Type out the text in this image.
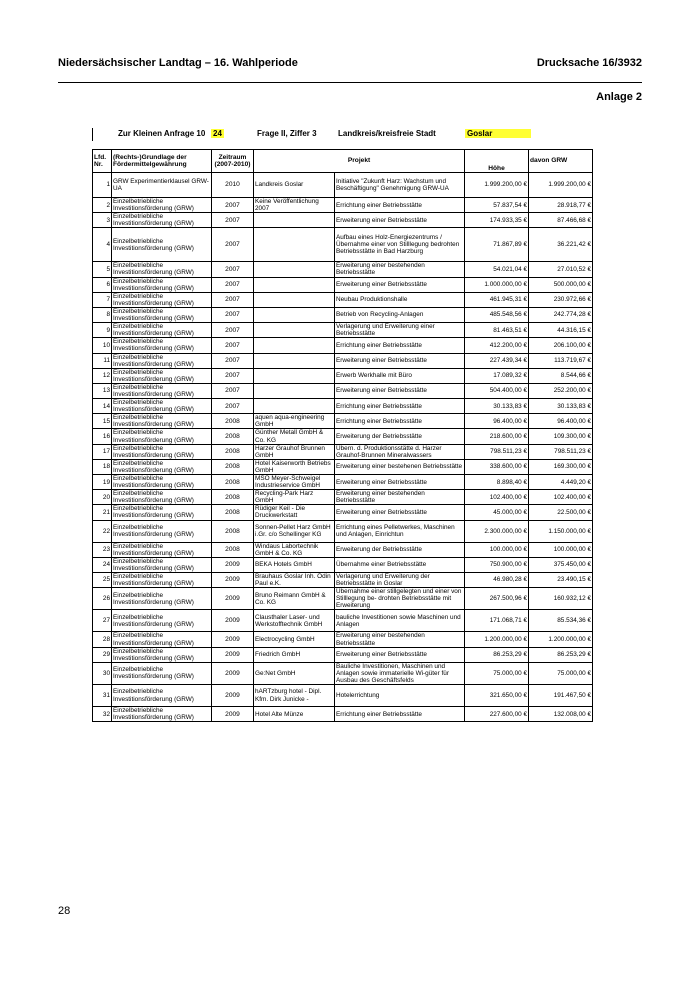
Niedersächsischer Landtag – 16. Wahlperiode	Drucksache 16/3932
Anlage 2
Zur Kleinen Anfrage 10 24	Frage II, Ziffer 3	Landkreis/kreisfreie Stadt	Goslar
Lfd. Nr.	(Rechts-)Grundlage der Fördermittelgewährung	Zeitraum (2007-2010)	Projekt		Höhe	davon GRW
1	GRW Experimentierklausel GRW-UA	2010	Landkreis Goslar	Initiative "Zukunft Harz: Wachstum und Beschäftigung" Genehmigung GRW-UA	1.999.200,00 €	1.999.200,00 €
2	Einzelbetriebliche Investitionsförderung (GRW)	2007	Keine Veröffentlichung 2007	Errichtung einer Betriebsstätte	57.837,54 €	28.918,77 €
3	Einzelbetriebliche Investitionsförderung (GRW)	2007		Erweiterung einer Betriebsstätte	174.933,35 €	87.466,68 €
4	Einzelbetriebliche Investitionsförderung (GRW)	2007		Aufbau eines Holz-Energiezentrums / Übernahme einer von Stilllegung bedrohten Betriebsstätte in Bad Harzburg	71.867,89 €	36.221,42 €
5	Einzelbetriebliche Investitionsförderung (GRW)	2007		Erweiterung einer bestehenden Betriebsstätte	54.021,04 €	27.010,52 €
6	Einzelbetriebliche Investitionsförderung (GRW)	2007		Erweiterung einer Betriebsstätte	1.000.000,00 €	500.000,00 €
7	Einzelbetriebliche Investitionsförderung (GRW)	2007		Neubau Produktionshalle	461.945,31 €	230.972,66 €
8	Einzelbetriebliche Investitionsförderung (GRW)	2007		Betrieb von Recycling-Anlagen	485.548,56 €	242.774,28 €
9	Einzelbetriebliche Investitionsförderung (GRW)	2007		Verlagerung und Erweiterung einer Betriebsstätte	81.463,51 €	44.316,15 €
10	Einzelbetriebliche Investitionsförderung (GRW)	2007		Errichtung einer Betriebsstätte	412.200,00 €	206.100,00 €
11	Einzelbetriebliche Investitionsförderung (GRW)	2007		Erweiterung einer Betriebsstätte	227.439,34 €	113.719,67 €
12	Einzelbetriebliche Investitionsförderung (GRW)	2007		Erwerb Werkhalle mit Büro	17.089,32 €	8.544,66 €
13	Einzelbetriebliche Investitionsförderung (GRW)	2007		Erweiterung einer Betriebsstätte	504.400,00 €	252.200,00 €
14	Einzelbetriebliche Investitionsförderung (GRW)	2007		Errichtung einer Betriebsstätte	30.133,83 €	30.133,83 €
15	Einzelbetriebliche Investitionsförderung (GRW)	2008	aquen aqua-engineering GmbH	Errichtung einer Betriebsstätte	96.400,00 €	96.400,00 €
16	Einzelbetriebliche Investitionsförderung (GRW)	2008	Günther Metall GmbH & Co. KG	Erweiterung der Betriebsstätte	218.600,00 €	109.300,00 €
17	Einzelbetriebliche Investitionsförderung (GRW)	2008	Harzer Grauhof Brunnen GmbH	Übern. d. Produktionsstätte d. Harzer Grauhof-Brunnen Mineralwassers	798.511,23 €	798.511,23 €
18	Einzelbetriebliche Investitionsförderung (GRW)	2008	Hotel Kaiserworth Betriebs GmbH	Erweiterung einer bestehenen Betriebsstätte	338.600,00 €	169.300,00 €
19	Einzelbetriebliche Investitionsförderung (GRW)	2008	MSO Meyer-Schweigel Industrieservice GmbH	Erweiterung einer Betriebsstätte	8.898,40 €	4.449,20 €
20	Einzelbetriebliche Investitionsförderung (GRW)	2008	Recycling-Park Harz GmbH	Erweiterung einer bestehenden Betriebsstätte	102.400,00 €	102.400,00 €
21	Einzelbetriebliche Investitionsförderung (GRW)	2008	Rüdiger Keil - Die Druckwerkstatt	Erweiterung einer Betriebsstätte	45.000,00 €	22.500,00 €
22	Einzelbetriebliche Investitionsförderung (GRW)	2008	Sonnen-Pellet Harz GmbH i.Gr. c/o Schellinger KG	Errichtung eines Pelletwerkes, Maschinen und Anlagen, Einrichtun	2.300.000,00 €	1.150.000,00 €
23	Einzelbetriebliche Investitionsförderung (GRW)	2008	Windaus Labortechnik GmbH & Co. KG	Erweiterung der Betriebsstätte	100.000,00 €	100.000,00 €
24	Einzelbetriebliche Investitionsförderung (GRW)	2009	BEKA Hotels GmbH	Übernahme einer Betriebsstätte	750.900,00 €	375.450,00 €
25	Einzelbetriebliche Investitionsförderung (GRW)	2009	Brauhaus Goslar Inh. Odin Paul e.K.	Verlagerung und Erweiterung der Betriebsstätte in Goslar	46.980,28 €	23.490,15 €
26	Einzelbetriebliche Investitionsförderung (GRW)	2009	Bruno Reimann GmbH & Co. KG	Übernahme einer stillgelegten und einer von Stilllegung be- drohten Betriebsstätte mit Erweiterung	267.500,96 €	160.932,12 €
27	Einzelbetriebliche Investitionsförderung (GRW)	2009	Clausthaler Laser- und Werkstofftechnik GmbH	bauliche Investitionen sowie Maschinen und Anlagen	171.068,71 €	85.534,36 €
28	Einzelbetriebliche Investitionsförderung (GRW)	2009	Electrocycling GmbH	Erweiterung einer bestehenden Betriebsstätte	1.200.000,00 €	1.200.000,00 €
29	Einzelbetriebliche Investitionsförderung (GRW)	2009	Friedrich GmbH	Erweiterung einer Betriebsstätte	86.253,29 €	86.253,29 €
30	Einzelbetriebliche Investitionsförderung (GRW)	2009	Ge:Net GmbH	Bauliche Investitionen, Maschinen und Anlagen sowie immaterielle Wi-güter für Ausbau des Geschäftsfelds	75.000,00 €	75.000,00 €
31	Einzelbetriebliche Investitionsförderung (GRW)	2009	hARTzburg hotel - Dipl. Kfm. Dirk Junicke -	Hotelerrichtung	321.650,00 €	191.467,50 €
32	Einzelbetriebliche Investitionsförderung (GRW)	2009	Hotel Alte Münze	Errichtung einer Betriebsstätte	227.600,00 €	132.008,00 €
28
